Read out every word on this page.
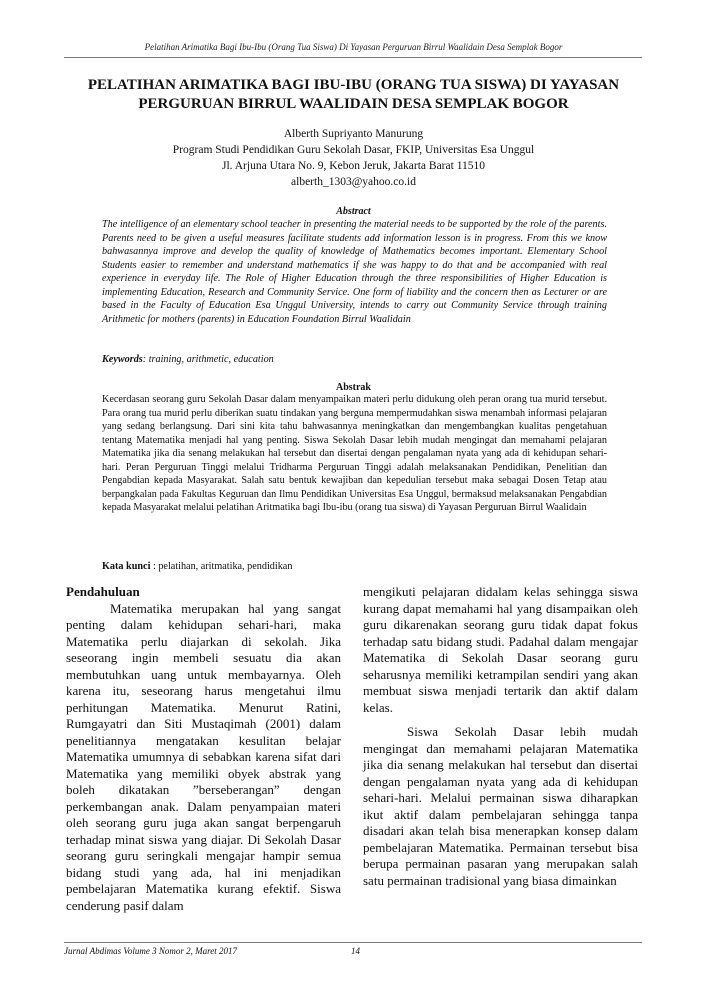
Pelatihan Arimatika Bagi Ibu-Ibu (Orang Tua Siswa) Di Yayasan Perguruan Birrul Waalidain Desa Semplak Bogor
PELATIHAN ARIMATIKA BAGI IBU-IBU (ORANG TUA SISWA) DI YAYASAN PERGURUAN BIRRUL WAALIDAIN DESA SEMPLAK BOGOR
Alberth Supriyanto Manurung
Program Studi Pendidikan Guru Sekolah Dasar, FKIP, Universitas Esa Unggul
Jl. Arjuna Utara No. 9, Kebon Jeruk, Jakarta Barat 11510
alberth_1303@yahoo.co.id
Abstract
The intelligence of an elementary school teacher in presenting the material needs to be supported by the role of the parents. Parents need to be given a useful measures facilitate students add information lesson is in progress. From this we know bahwasannya improve and develop the quality of knowledge of Mathematics becomes important. Elementary School Students easier to remember and understand mathematics if she was happy to do that and be accompanied with real experience in everyday life. The Role of Higher Education through the three responsibilities of Higher Education is implementing Education, Research and Community Service. One form of liability and the concern then as Lecturer or are based in the Faculty of Education Esa Unggul University, intends to carry out Community Service through training Arithmetic for mothers (parents) in Education Foundation Birrul Waalidain
Keywords: training, arithmetic, education
Abstrak
Kecerdasan seorang guru Sekolah Dasar dalam menyampaikan materi perlu didukung oleh peran orang tua murid tersebut. Para orang tua murid perlu diberikan suatu tindakan yang berguna mempermudahkan siswa menambah informasi pelajaran yang sedang berlangsung. Dari sini kita tahu bahwasannya meningkatkan dan mengembangkan kualitas pengetahuan tentang Matematika menjadi hal yang penting. Siswa Sekolah Dasar lebih mudah mengingat dan memahami pelajaran Matematika jika dia senang melakukan hal tersebut dan disertai dengan pengalaman nyata yang ada di kehidupan sehari-hari. Peran Perguruan Tinggi melalui Tridharma Perguruan Tinggi adalah melaksanakan Pendidikan, Penelitian dan Pengabdian kepada Masyarakat. Salah satu bentuk kewajiban dan kepedulian tersebut maka sebagai Dosen Tetap atau berpangkalan pada Fakultas Keguruan dan Ilmu Pendidikan Universitas Esa Unggul, bermaksud melaksanakan Pengabdian kepada Masyarakat melalui pelatihan Aritmatika bagi Ibu-ibu (orang tua siswa) di Yayasan Perguruan Birrul Waalidain
Kata kunci : pelatihan, aritmatika, pendidikan
Pendahuluan

Matematika merupakan hal yang sangat penting dalam kehidupan sehari-hari, maka Matematika perlu diajarkan di sekolah. Jika seseorang ingin membeli sesuatu dia akan membutuhkan uang untuk membayarnya. Oleh karena itu, seseorang harus mengetahui ilmu perhitungan Matematika. Menurut Ratini, Rumgayatri dan Siti Mustaqimah (2001) dalam penelitiannya mengatakan kesulitan belajar Matematika umumnya di sebabkan karena sifat dari Matematika yang memiliki obyek abstrak yang boleh dikatakan ”berseberangan” dengan perkembangan anak. Dalam penyampaian materi oleh seorang guru juga akan sangat berpengaruh terhadap minat siswa yang diajar. Di Sekolah Dasar seorang guru seringkali mengajar hampir semua bidang studi yang ada, hal ini menjadikan pembelajaran Matematika kurang efektif. Siswa cenderung pasif dalam

mengikuti pelajaran didalam kelas sehingga siswa kurang dapat memahami hal yang disampaikan oleh guru dikarenakan seorang guru tidak dapat fokus terhadap satu bidang studi. Padahal dalam mengajar Matematika di Sekolah Dasar seorang guru seharusnya memiliki ketrampilan sendiri yang akan membuat siswa menjadi tertarik dan aktif dalam kelas.

Siswa Sekolah Dasar lebih mudah mengingat dan memahami pelajaran Matematika jika dia senang melakukan hal tersebut dan disertai dengan pengalaman nyata yang ada di kehidupan sehari-hari. Melalui permainan siswa diharapkan ikut aktif dalam pembelajaran sehingga tanpa disadari akan telah bisa menerapkan konsep dalam pembelajaran Matematika. Permainan tersebut bisa berupa permainan pasaran yang merupakan salah satu permainan tradisional yang biasa dimainkan

Jurnal Abdimas Volume 3 Nomor 2, Maret 2017	14
